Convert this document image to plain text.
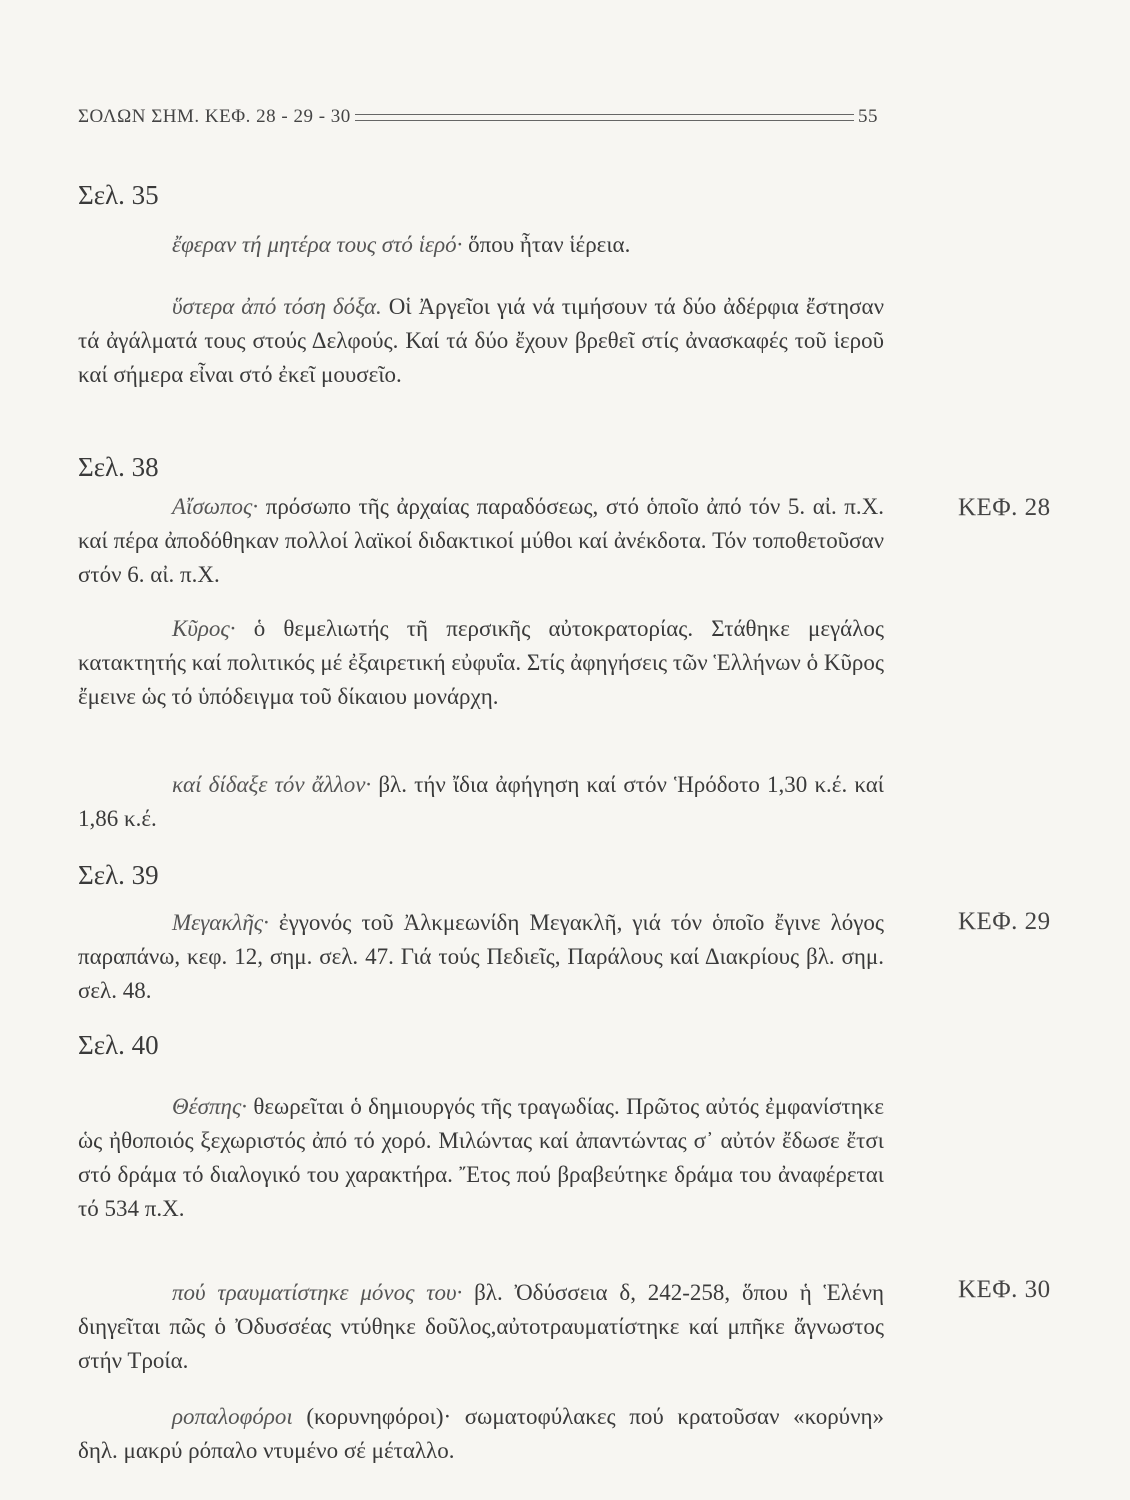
ΣΟΛΩΝ ΣΗΜ. ΚΕΦ. 28 - 29 - 30	55
Σελ. 35
ἔφεραν τή μητέρα τους στό ἱερό· ὅπου ἦταν ἱέρεια.
ὕστερα ἀπό τόση δόξα. Οἱ Ἀργεῖοι γιά νά τιμήσουν τά δύο ἀδέρφια ἔστησαν τά ἀγάλματά τους στούς Δελφούς. Καί τά δύο ἔχουν βρεθεῖ στίς ἀνασκαφές τοῦ ἱεροῦ καί σήμερα εἶναι στό ἐκεῖ μουσεῖο.
Σελ. 38
Αἴσωπος· πρόσωπο τῆς ἀρχαίας παραδόσεως, στό ὁποῖο ἀπό τόν 5. αἰ. π.Χ. καί πέρα ἀποδόθηκαν πολλοί λαϊκοί διδακτικοί μύθοι καί ἀνέκδοτα. Τόν τοποθετοῦσαν στόν 6. αἰ. π.Χ.
ΚΕΦ. 28
Κῦρος· ὁ θεμελιωτής τῆ περσικῆς αὐτοκρατορίας. Στάθηκε μεγάλος κατακτητής καί πολιτικός μέ ἐξαιρετική εὐφυΐα. Στίς ἀφηγήσεις τῶν Ἑλλήνων ὁ Κῦρος ἔμεινε ὡς τό ὑπόδειγμα τοῦ δίκαιου μονάρχη.
καί δίδαξε τόν ἄλλον· βλ. τήν ἴδια ἀφήγηση καί στόν Ἡρόδοτο 1,30 κ.έ. καί 1,86 κ.έ.
Σελ. 39
Μεγακλῆς· ἐγγονός τοῦ Ἀλκμεωνίδη Μεγακλῆ, γιά τόν ὁποῖο ἔγινε λόγος παραπάνω, κεφ. 12, σημ. σελ. 47. Γιά τούς Πεδιεῖς, Παράλους καί Διακρίους βλ. σημ. σελ. 48.
ΚΕΦ. 29
Σελ. 40
Θέσπης· θεωρεῖται ὁ δημιουργός τῆς τραγωδίας. Πρῶτος αὐτός ἐμφανίστηκε ὡς ἠθοποιός ξεχωριστός ἀπό τό χορό. Μιλώντας καί ἀπαντώντας σ᾽ αὐτόν ἔδωσε ἔτσι στό δράμα τό διαλογικό του χαρακτήρα. Ἔτος πού βραβεύτηκε δράμα του ἀναφέρεται τό 534 π.Χ.
πού τραυματίστηκε μόνος του· βλ. Ὀδύσσεια δ, 242-258, ὅπου ἡ Ἑλένη διηγεῖται πῶς ὁ Ὀδυσσέας ντύθηκε δοῦλος,αὐτοτραυματίστηκε καί μπῆκε ἄγνωστος στήν Τροία.
ΚΕΦ. 30
ροπαλοφόροι (κορυνηφόροι)· σωματοφύλακες πού κρατοῦσαν «κορύνη» δηλ. μακρύ ρόπαλο ντυμένο σέ μέταλλο.
